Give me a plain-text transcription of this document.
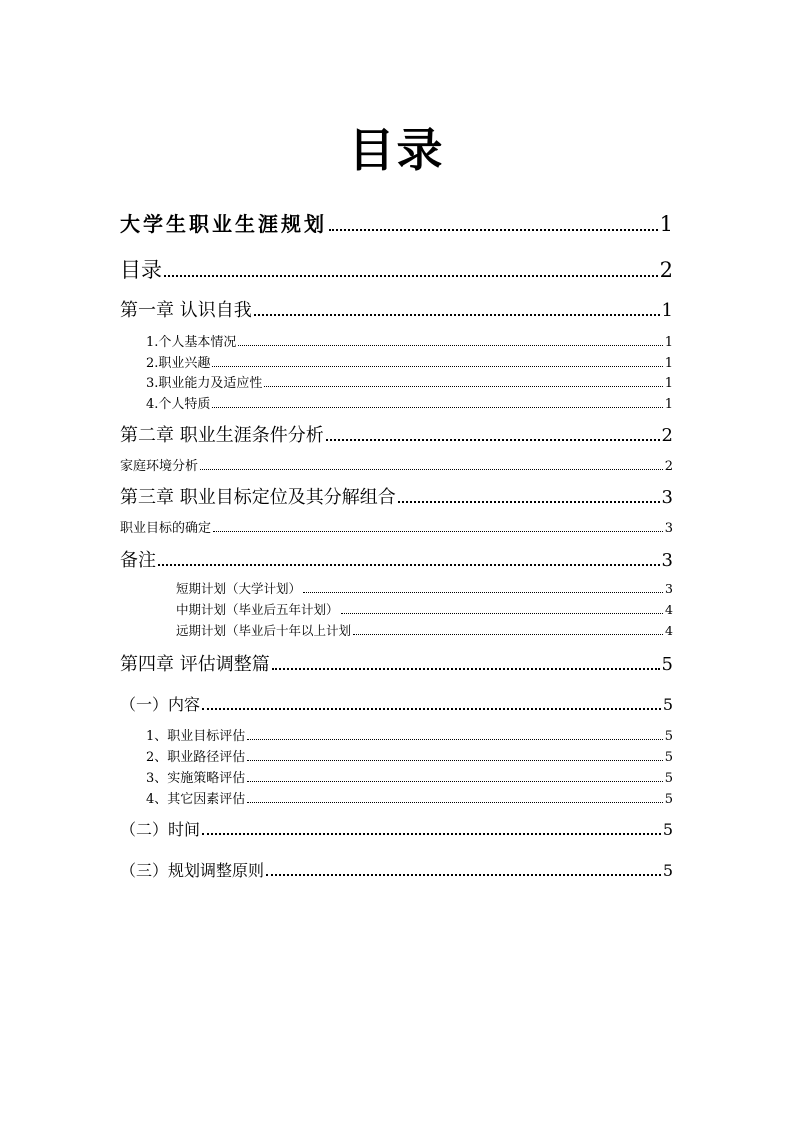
目录
大学生职业生涯规划	1
目录	2
第一章 认识自我	1
1.个人基本情况	1
2.职业兴趣	1
3.职业能力及适应性	1
4.个人特质	1
第二章 职业生涯条件分析	2
家庭环境分析	2
第三章 职业目标定位及其分解组合	3
职业目标的确定	3
备注	3
短期计划（大学计划）	3
中期计划（毕业后五年计划）	4
远期计划（毕业后十年以上计划	4
第四章 评估调整篇	5
（一）内容	5
1、职业目标评估	5
2、职业路径评估	5
3、实施策略评估	5
4、其它因素评估	5
（二）时间	5
（三）规划调整原则	5
